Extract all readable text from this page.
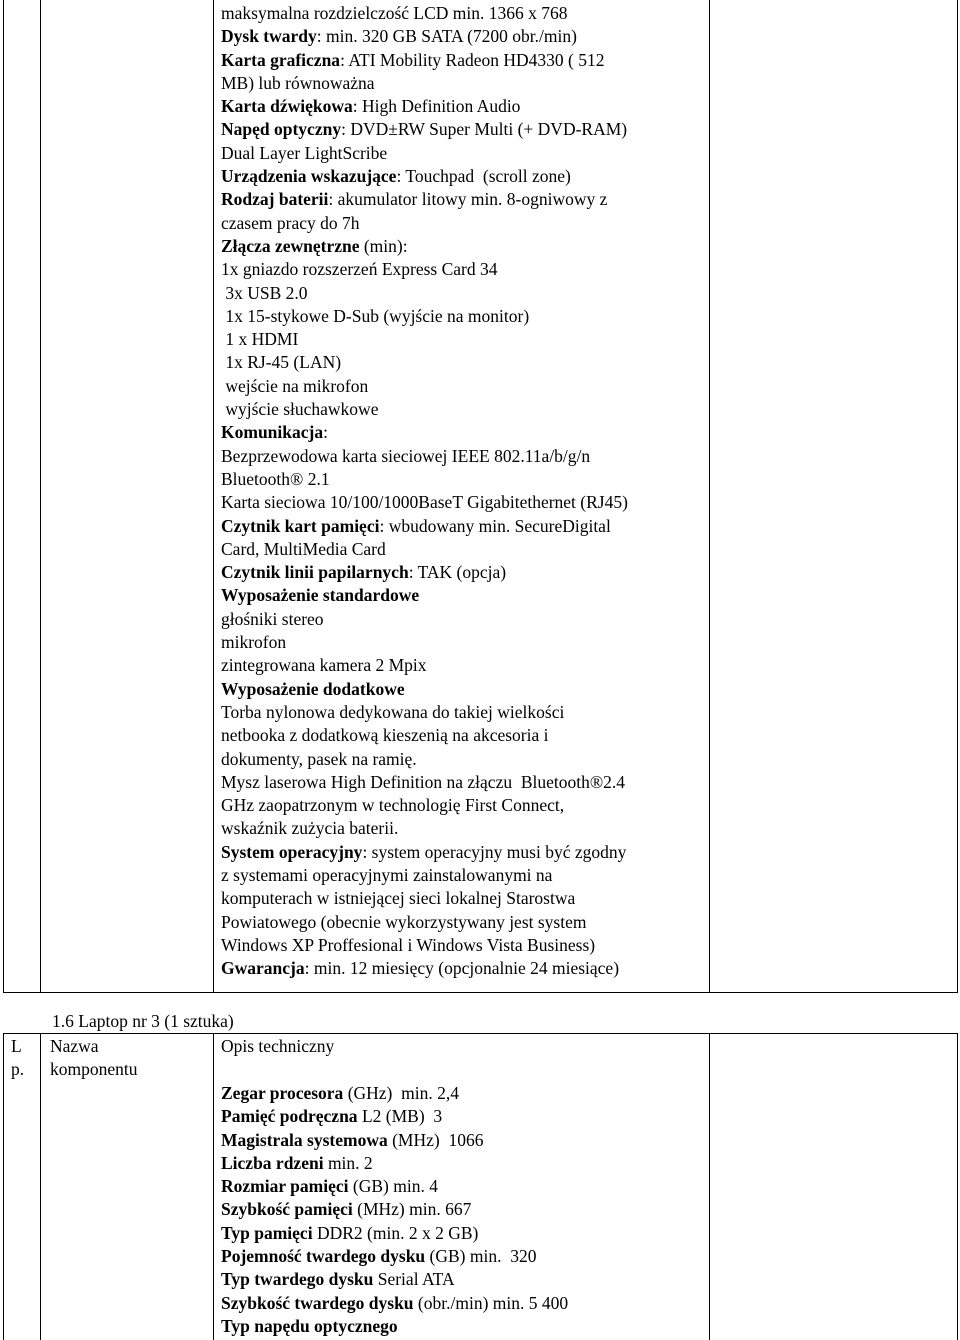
maksymalna rozdzielczość LCD min. 1366 x 768
Dysk twardy: min. 320 GB SATA (7200 obr./min)
Karta graficzna: ATI Mobility Radeon HD4330 ( 512
MB) lub równoważna
Karta dźwiękowa: High Definition Audio
Napęd optyczny: DVD±RW Super Multi (+ DVD-RAM)
Dual Layer LightScribe
Urządzenia wskazujące: Touchpad  (scroll zone)
Rodzaj baterii: akumulator litowy min. 8-ogniwowy z
czasem pracy do 7h
Złącza zewnętrzne (min):
1x gniazdo rozszerzeń Express Card 34
3x USB 2.0
1x 15-stykowe D-Sub (wyjście na monitor)
1 x HDMI
1x RJ-45 (LAN)
wejście na mikrofon
wyjście słuchawkowe
Komunikacja:
Bezprzewodowa karta sieciowej IEEE 802.11a/b/g/n
Bluetooth® 2.1
Karta sieciowa 10/100/1000BaseT Gigabitethernet (RJ45)
Czytnik kart pamięci: wbudowany min. SecureDigital
Card, MultiMedia Card
Czytnik linii papilarnych: TAK (opcja)
Wyposażenie standardowe
głośniki stereo
mikrofon
zintegrowana kamera 2 Mpix
Wyposażenie dodatkowe
Torba nylonowa dedykowana do takiej wielkości
netbooka z dodatkową kieszenią na akcesoria i
dokumenty, pasek na ramię.
Mysz laserowa High Definition na złączu  Bluetooth®2.4
GHz zaopatrzonym w technologię First Connect,
wskaźnik zużycia baterii.
System operacyjny: system operacyjny musi być zgodny
z systemami operacyjnymi zainstalowanymi na
komputerach w istniejącej sieci lokalnej Starostwa
Powiatowego (obecnie wykorzystywany jest system
Windows XP Proffesional i Windows Vista Business)
Gwarancja: min. 12 miesięcy (opcjonalnie 24 miesiące)
1.6 Laptop nr 3 (1 sztuka)
L
p.
Nazwa
komponentu
Opis techniczny
Zegar procesora (GHz)  min. 2,4
Pamięć podręczna L2 (MB)  3
Magistrala systemowa (MHz)  1066
Liczba rdzeni min. 2
Rozmiar pamięci (GB) min. 4
Szybkość pamięci (MHz) min. 667
Typ pamięci DDR2 (min. 2 x 2 GB)
Pojemność twardego dysku (GB) min.  320
Typ twardego dysku Serial ATA
Szybkość twardego dysku (obr./min) min. 5 400
Typ napędu optycznego
